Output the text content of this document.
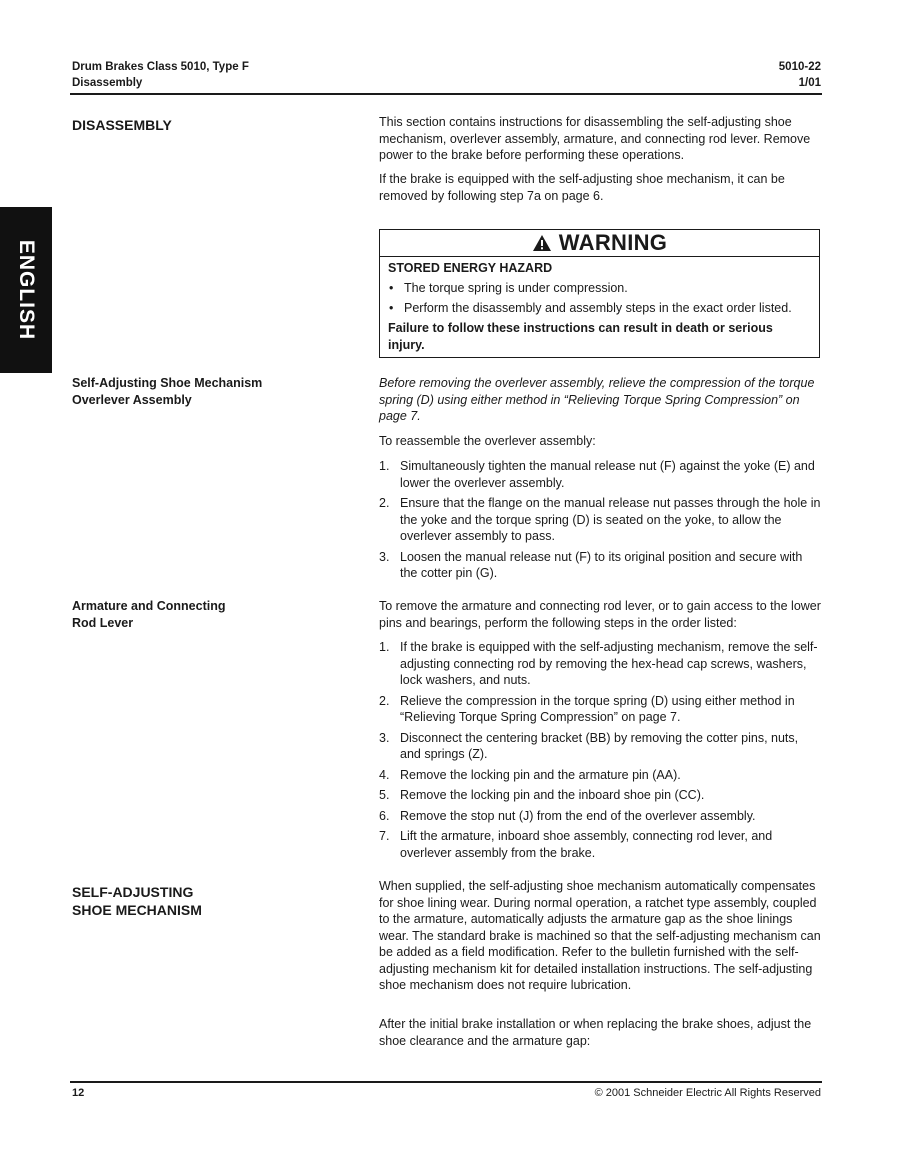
Drum Brakes Class 5010, Type F
Disassembly
5010-22
1/01
ENGLISH
DISASSEMBLY	This section contains instructions for disassembling the self-adjusting shoe mechanism, overlever assembly, armature, and connecting rod lever. Remove power to the brake before performing these operations.
If the brake is equipped with the self-adjusting shoe mechanism, it can be removed by following step 7a on page 6.
WARNING
STORED ENERGY HAZARD
• The torque spring is under compression.
• Perform the disassembly and assembly steps in the exact order listed.
Failure to follow these instructions can result in death or serious injury.
Self-Adjusting Shoe Mechanism
Overlever Assembly
Before removing the overlever assembly, relieve the compression of the torque spring (D) using either method in “Relieving Torque Spring Compression” on page 7.
To reassemble the overlever assembly:
1. Simultaneously tighten the manual release nut (F) against the yoke (E) and lower the overlever assembly.
2. Ensure that the flange on the manual release nut passes through the hole in the yoke and the torque spring (D) is seated on the yoke, to allow the overlever assembly to pass.
3. Loosen the manual release nut (F) to its original position and secure with the cotter pin (G).
Armature and Connecting
Rod Lever
To remove the armature and connecting rod lever, or to gain access to the lower pins and bearings, perform the following steps in the order listed:
1. If the brake is equipped with the self-adjusting mechanism, remove the self-adjusting connecting rod by removing the hex-head cap screws, washers, lock washers, and nuts.
2. Relieve the compression in the torque spring (D) using either method in “Relieving Torque Spring Compression” on page 7.
3. Disconnect the centering bracket (BB) by removing the cotter pins, nuts, and springs (Z).
4. Remove the locking pin and the armature pin (AA).
5. Remove the locking pin and the inboard shoe pin (CC).
6. Remove the stop nut (J) from the end of the overlever assembly.
7. Lift the armature, inboard shoe assembly, connecting rod lever, and overlever assembly from the brake.
SELF-ADJUSTING
SHOE MECHANISM
When supplied, the self-adjusting shoe mechanism automatically compensates for shoe lining wear. During normal operation, a ratchet type assembly, coupled to the armature, automatically adjusts the armature gap as the shoe linings wear. The standard brake is machined so that the self-adjusting mechanism can be added as a field modification. Refer to the bulletin furnished with the self-adjusting mechanism kit for detailed installation instructions. The self-adjusting shoe mechanism does not require lubrication.
After the initial brake installation or when replacing the brake shoes, adjust the shoe clearance and the armature gap:
12	© 2001 Schneider Electric All Rights Reserved
